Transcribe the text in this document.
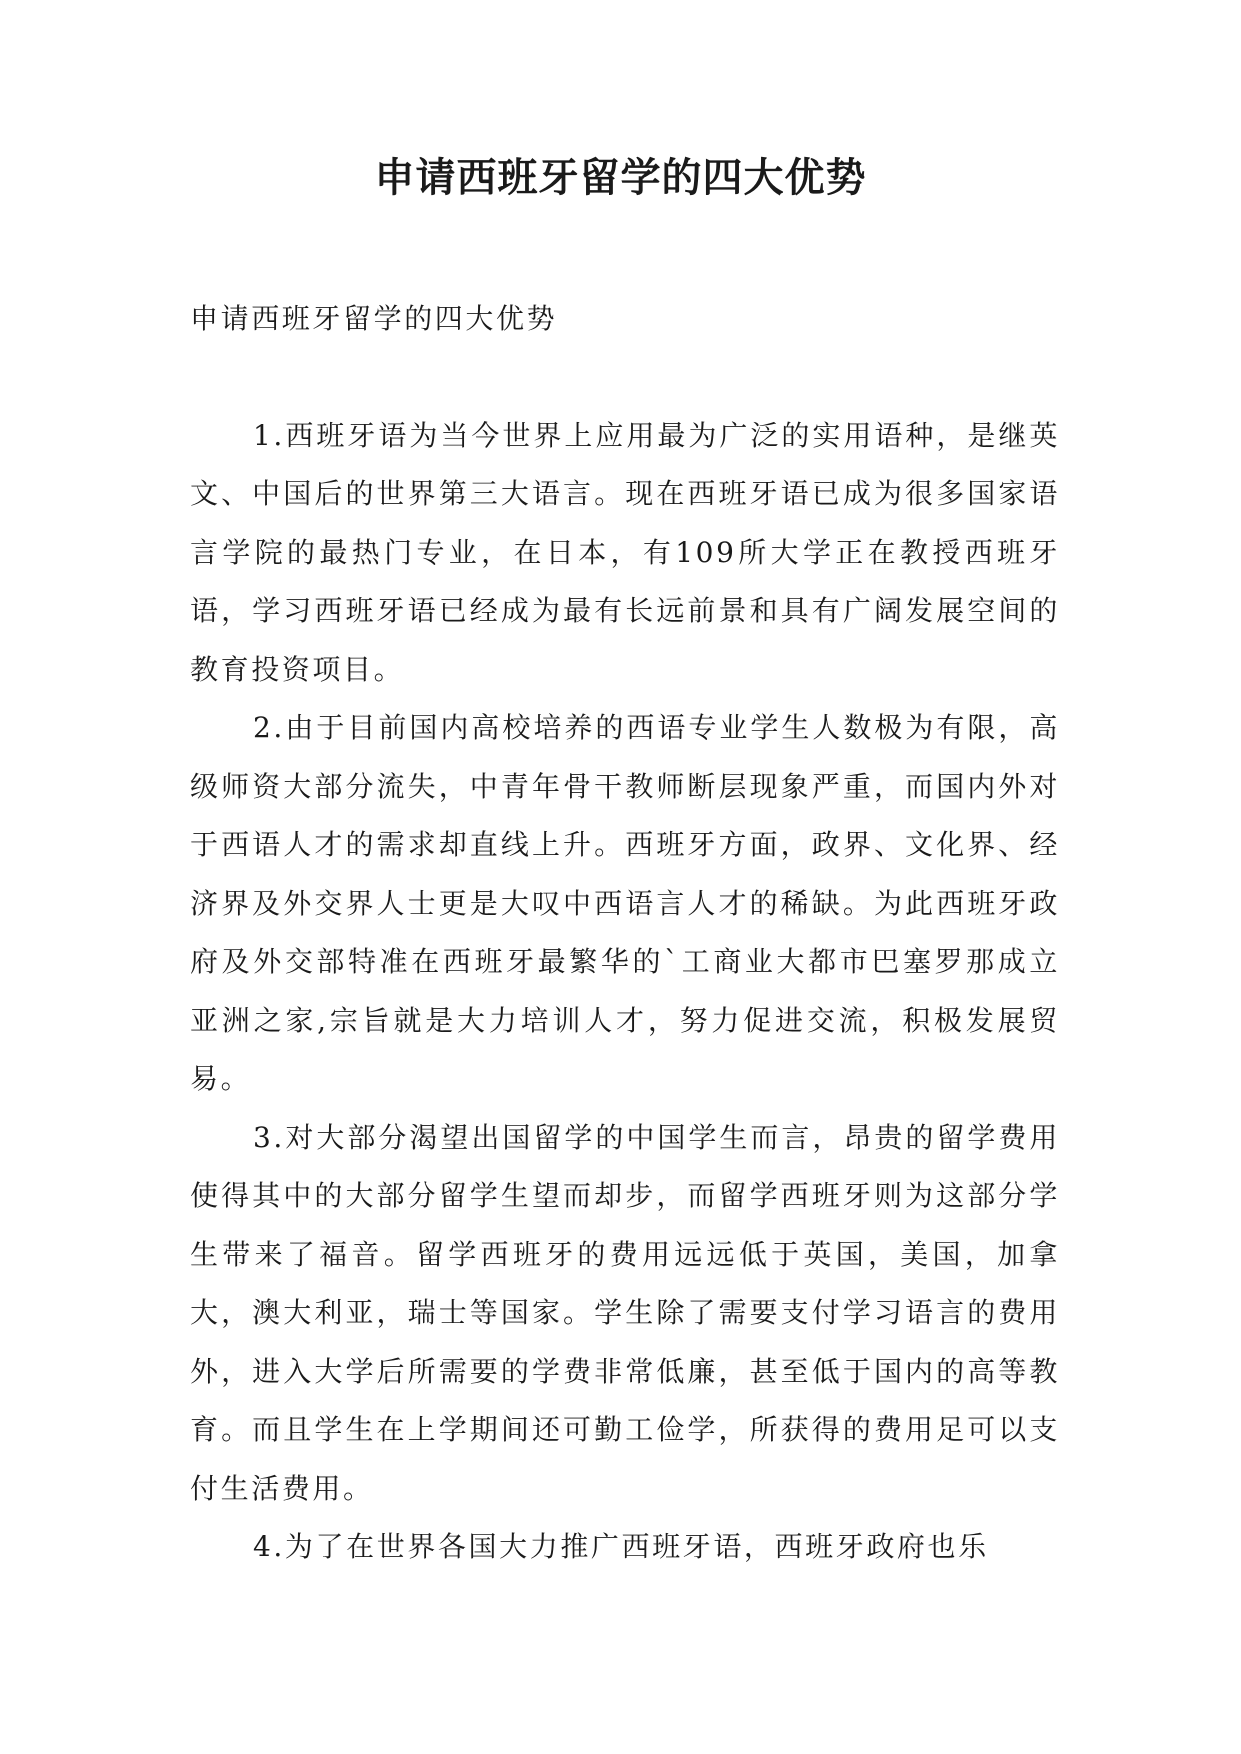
申请西班牙留学的四大优势

申请西班牙留学的四大优势

1.西班牙语为当今世界上应用最为广泛的实用语种，是继英文、中国后的世界第三大语言。现在西班牙语已成为很多国家语言学院的最热门专业，在日本，有109所大学正在教授西班牙语，学习西班牙语已经成为最有长远前景和具有广阔发展空间的教育投资项目。

2.由于目前国内高校培养的西语专业学生人数极为有限，高级师资大部分流失，中青年骨干教师断层现象严重，而国内外对于西语人才的需求却直线上升。西班牙方面，政界、文化界、经济界及外交界人士更是大叹中西语言人才的稀缺。为此西班牙政府及外交部特准在西班牙最繁华的`工商业大都市巴塞罗那成立亚洲之家,宗旨就是大力培训人才，努力促进交流，积极发展贸易。

3.对大部分渴望出国留学的中国学生而言，昂贵的留学费用使得其中的大部分留学生望而却步，而留学西班牙则为这部分学生带来了福音。留学西班牙的费用远远低于英国，美国，加拿大，澳大利亚，瑞士等国家。学生除了需要支付学习语言的费用外，进入大学后所需要的学费非常低廉，甚至低于国内的高等教育。而且学生在上学期间还可勤工俭学，所获得的费用足可以支付生活费用。

4.为了在世界各国大力推广西班牙语，西班牙政府也乐
